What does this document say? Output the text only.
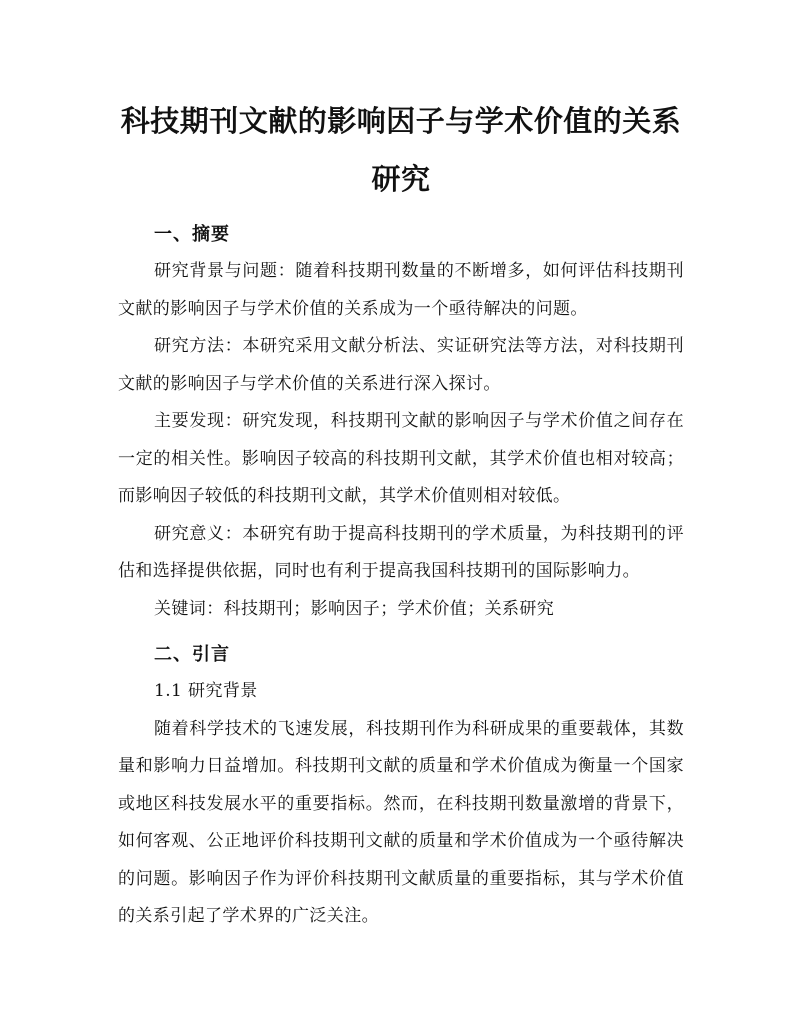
科技期刊文献的影响因子与学术价值的关系研究
一、摘要

研究背景与问题：随着科技期刊数量的不断增多，如何评估科技期刊文献的影响因子与学术价值的关系成为一个亟待解决的问题。

研究方法：本研究采用文献分析法、实证研究法等方法，对科技期刊文献的影响因子与学术价值的关系进行深入探讨。

主要发现：研究发现，科技期刊文献的影响因子与学术价值之间存在一定的相关性。影响因子较高的科技期刊文献，其学术价值也相对较高；而影响因子较低的科技期刊文献，其学术价值则相对较低。

研究意义：本研究有助于提高科技期刊的学术质量，为科技期刊的评估和选择提供依据，同时也有利于提高我国科技期刊的国际影响力。

关键词：科技期刊；影响因子；学术价值；关系研究
二、引言
1.1 研究背景

随着科学技术的飞速发展，科技期刊作为科研成果的重要载体，其数量和影响力日益增加。科技期刊文献的质量和学术价值成为衡量一个国家或地区科技发展水平的重要指标。然而，在科技期刊数量激增的背景下，如何客观、公正地评价科技期刊文献的质量和学术价值成为一个亟待解决的问题。影响因子作为评价科技期刊文献质量的重要指标，其与学术价值的关系引起了学术界的广泛关注。
